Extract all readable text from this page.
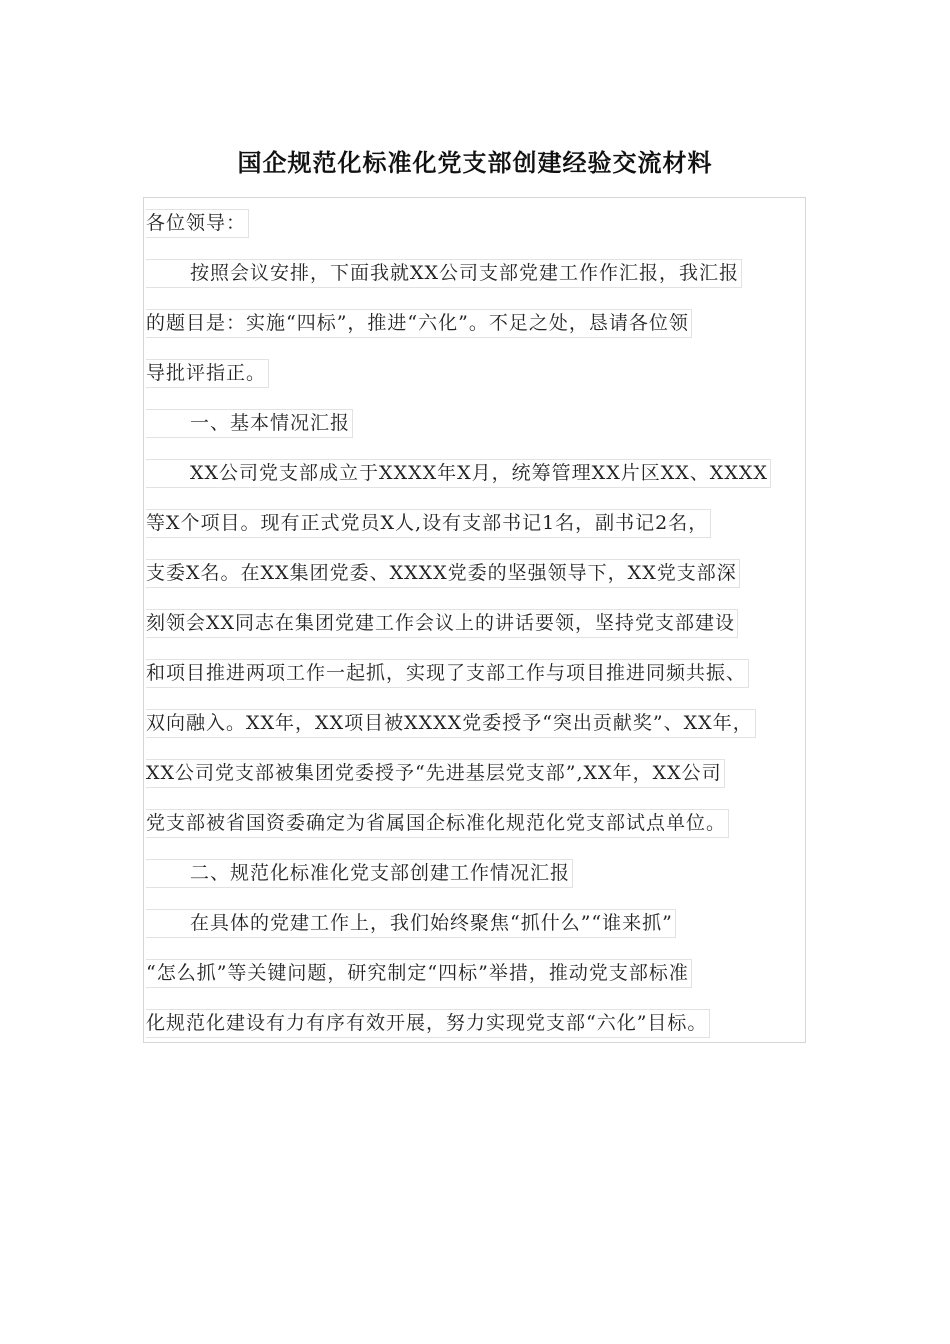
国企规范化标准化党支部创建经验交流材料
各位领导：
按照会议安排，下面我就XX公司支部党建工作作汇报，我汇报
的题目是：实施“四标”，推进“六化”。不足之处，恳请各位领
导批评指正。
一、基本情况汇报
XX公司党支部成立于XXXX年X月，统筹管理XX片区XX、XXXX
等X个项目。现有正式党员X人,设有支部书记1名，副书记2名，
支委X名。在XX集团党委、XXXX党委的坚强领导下，XX党支部深
刻领会XX同志在集团党建工作会议上的讲话要领，坚持党支部建设
和项目推进两项工作一起抓，实现了支部工作与项目推进同频共振、
双向融入。XX年，XX项目被XXXX党委授予“突出贡献奖”、XX年，
XX公司党支部被集团党委授予“先进基层党支部”,XX年，XX公司
党支部被省国资委确定为省属国企标准化规范化党支部试点单位。
二、规范化标准化党支部创建工作情况汇报
在具体的党建工作上，我们始终聚焦“抓什么”“谁来抓”
“怎么抓”等关键问题，研究制定“四标”举措，推动党支部标准
化规范化建设有力有序有效开展，努力实现党支部“六化”目标。
